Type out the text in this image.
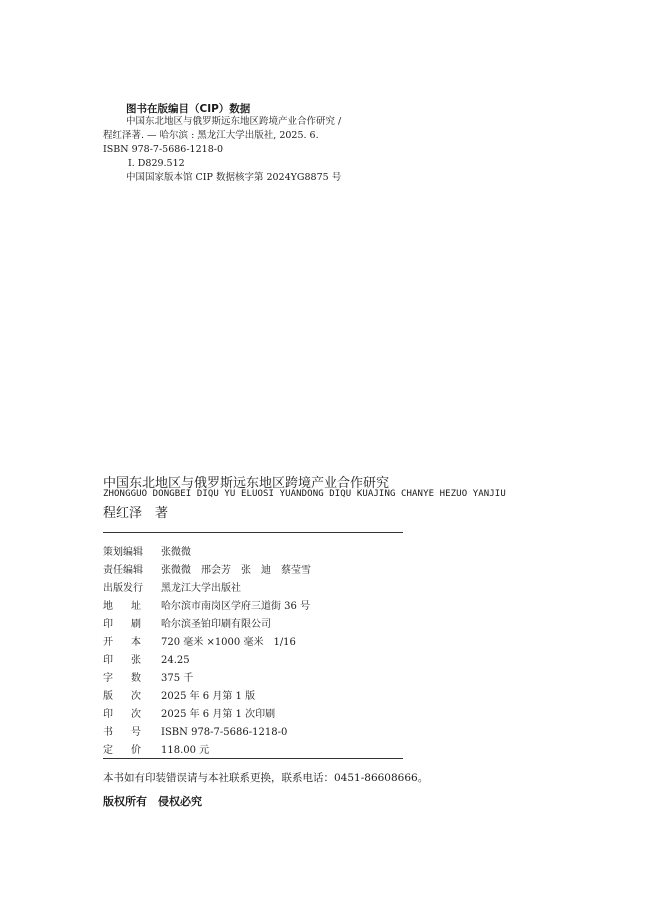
图书在版编目（CIP）数据
中国东北地区与俄罗斯远东地区跨境产业合作研究 /
程红泽著. — 哈尔滨 : 黑龙江大学出版社, 2025. 6.
ISBN 978-7-5686-1218-0
Ⅰ. D829.512
中国国家版本馆 CIP 数据核字第 2024YG8875 号
中国东北地区与俄罗斯远东地区跨境产业合作研究
ZHONGGUO DONGBEI DIQU YU ELUOSI YUANDONG DIQU KUAJING CHANYE HEZUO YANJIU
程红泽　著
策划编辑	张微微
责任编辑	张微微　邢会芳　张　迪　蔡莹雪
出版发行	黑龙江大学出版社
地 址 哈尔滨市南岗区学府三道街 36 号
印 刷 哈尔滨圣铂印刷有限公司
开 本 720 毫米 ×1000 毫米　1/16
印 张 24.25
字 数 375 千
版 次 2025 年 6 月第 1 版
印 次 2025 年 6 月第 1 次印刷
书 号 ISBN 978-7-5686-1218-0
定 价 118.00 元
本书如有印装错误请与本社联系更换，联系电话：0451-86608666。
版权所有　侵权必究
